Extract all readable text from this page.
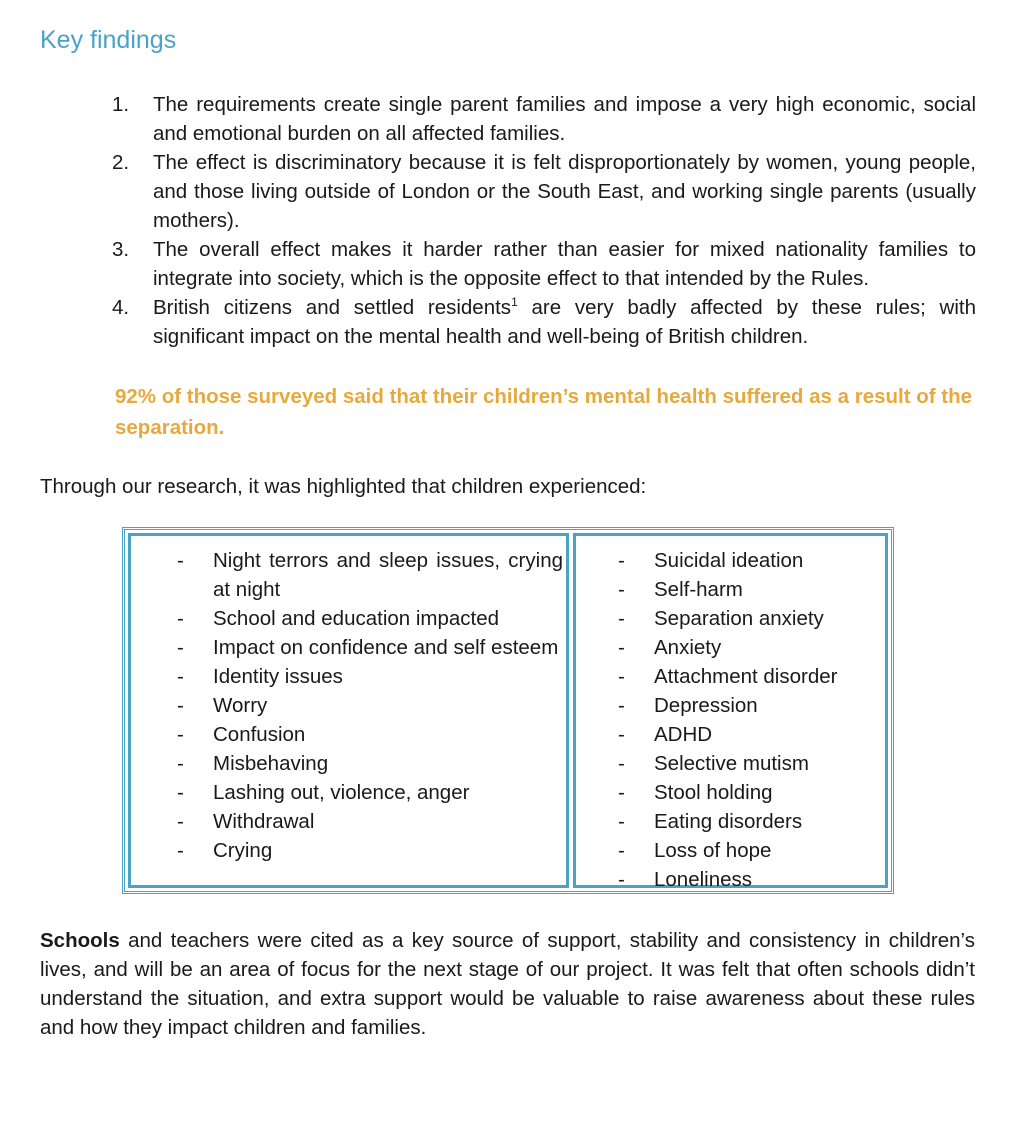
Key findings
1.	The requirements create single parent families and impose a very high economic, social and emotional burden on all affected families.
2.	The effect is discriminatory because it is felt disproportionately by women, young people, and those living outside of London or the South East, and working single parents (usually mothers).
3.	The overall effect makes it harder rather than easier for mixed nationality families to integrate into society, which is the opposite effect to that intended by the Rules.
4.	British citizens and settled residents$^1$ are very badly affected by these rules; with significant impact on the mental health and well-being of British children.

92% of those surveyed said that their children’s mental health suffered as a result of the separation.

Through our research, it was highlighted that children experienced:

-	Night terrors and sleep issues, crying at night
-	School and education impacted
-	Impact on confidence and self esteem
-	Identity issues
-	Worry
-	Confusion
-	Misbehaving
-	Lashing out, violence, anger
-	Withdrawal
-	Crying
-	Suicidal ideation
-	Self-harm
-	Separation anxiety
-	Anxiety
-	Attachment disorder
-	Depression
-	ADHD
-	Selective mutism
-	Stool holding
-	Eating disorders
-	Loss of hope
-	Loneliness

Schools and teachers were cited as a key source of support, stability and consistency in children’s lives, and will be an area of focus for the next stage of our project. It was felt that often schools didn’t understand the situation, and extra support would be valuable to raise awareness about these rules and how they impact children and families.
